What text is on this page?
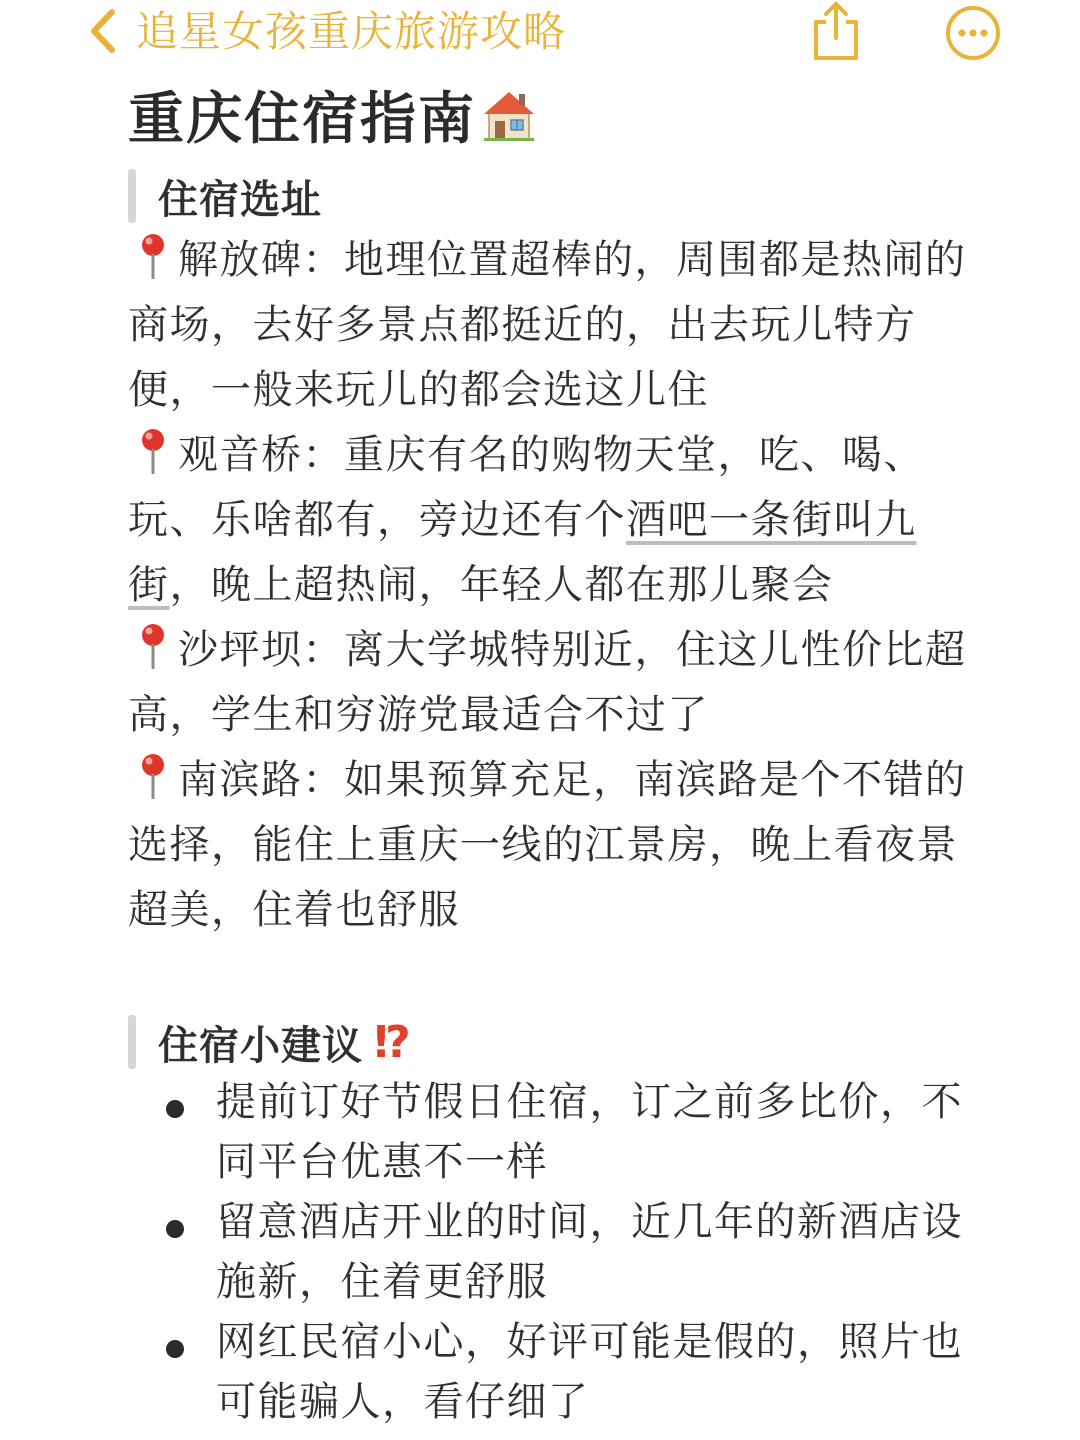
追星女孩重庆旅游攻略
重庆住宿指南
住宿选址
解放碑：地理位置超棒的，周围都是热闹的商场，去好多景点都挺近的，出去玩儿特方便，一般来玩儿的都会选这儿住
观音桥：重庆有名的购物天堂，吃、喝、玩、乐啥都有，旁边还有个酒吧一条街叫九街，晚上超热闹，年轻人都在那儿聚会
沙坪坝：离大学城特别近，住这儿性价比超高，学生和穷游党最适合不过了
南滨路：如果预算充足，南滨路是个不错的选择，能住上重庆一线的江景房，晚上看夜景超美，住着也舒服
住宿小建议 !?
提前订好节假日住宿，订之前多比价，不同平台优惠不一样
留意酒店开业的时间，近几年的新酒店设施新，住着更舒服
网红民宿小心，好评可能是假的，照片也可能骗人，看仔细了
